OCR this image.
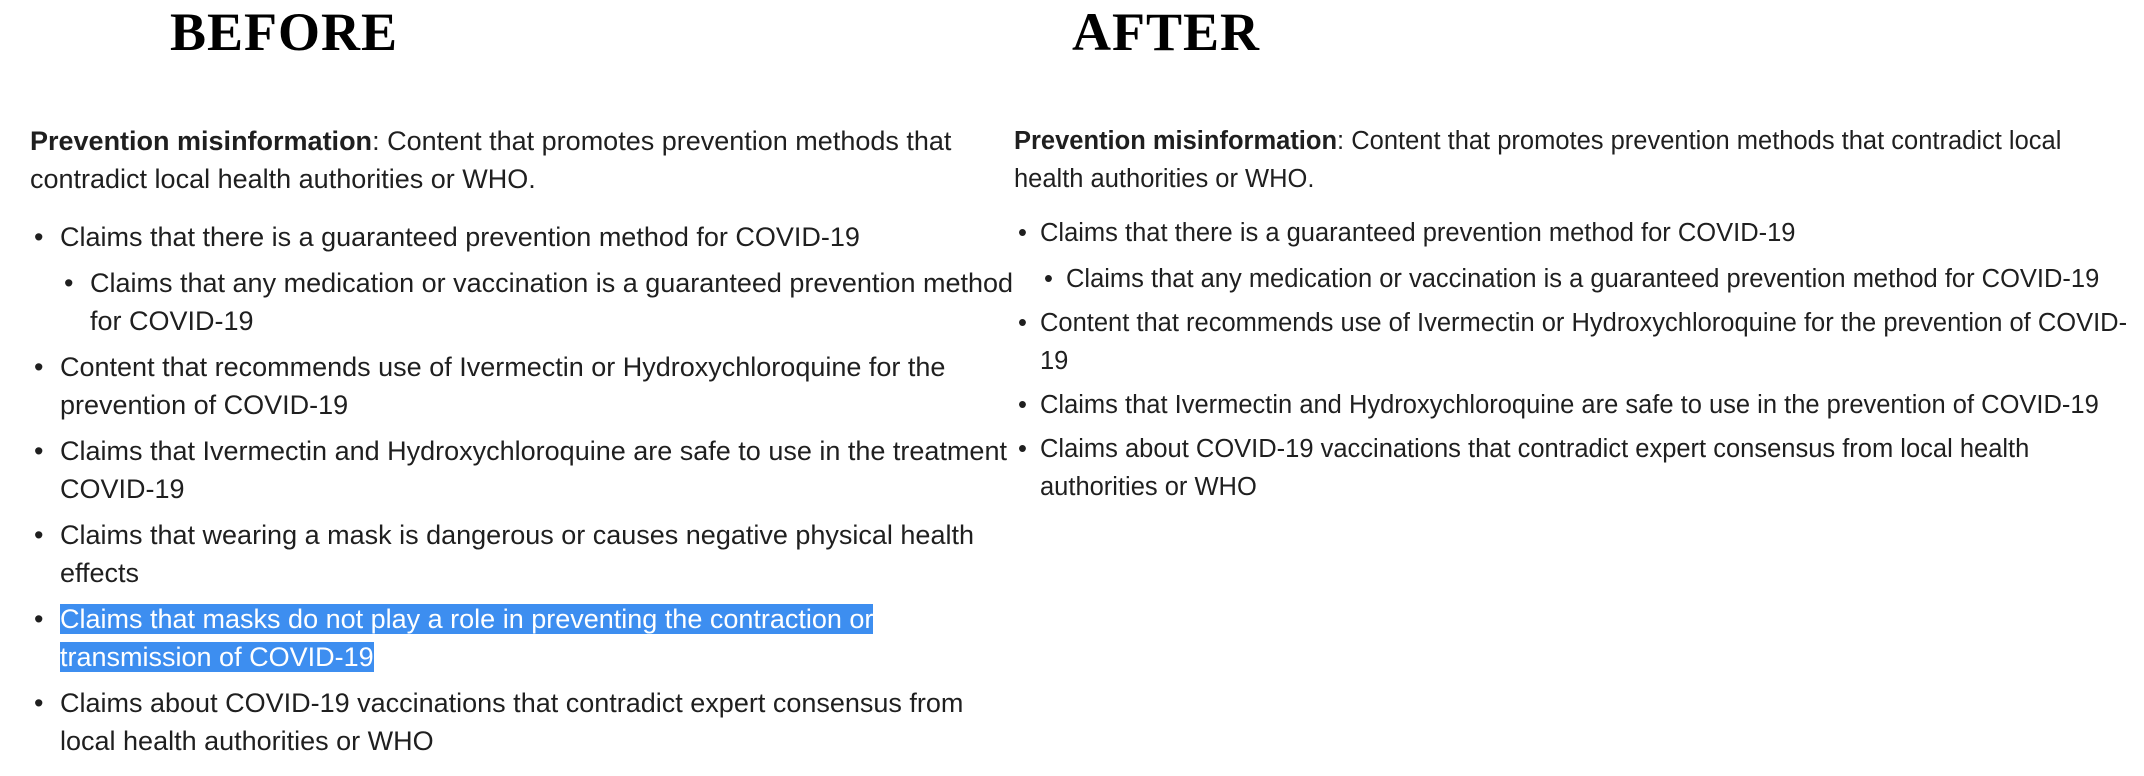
BEFORE	AFTER

Prevention misinformation: Content that promotes prevention methods that contradict local health authorities or WHO.

• Claims that there is a guaranteed prevention method for COVID-19
• Claims that any medication or vaccination is a guaranteed prevention method for COVID-19
• Content that recommends use of Ivermectin or Hydroxychloroquine for the prevention of COVID-19
• Claims that Ivermectin and Hydroxychloroquine are safe to use in the treatment COVID-19
• Claims that wearing a mask is dangerous or causes negative physical health effects
• Claims that masks do not play a role in preventing the contraction or transmission of COVID-19
• Claims about COVID-19 vaccinations that contradict expert consensus from local health authorities or WHO

Prevention misinformation: Content that promotes prevention methods that contradict local health authorities or WHO.

• Claims that there is a guaranteed prevention method for COVID-19
• Claims that any medication or vaccination is a guaranteed prevention method for COVID-19
• Content that recommends use of Ivermectin or Hydroxychloroquine for the prevention of COVID-19
• Claims that Ivermectin and Hydroxychloroquine are safe to use in the prevention of COVID-19
• Claims about COVID-19 vaccinations that contradict expert consensus from local health authorities or WHO
